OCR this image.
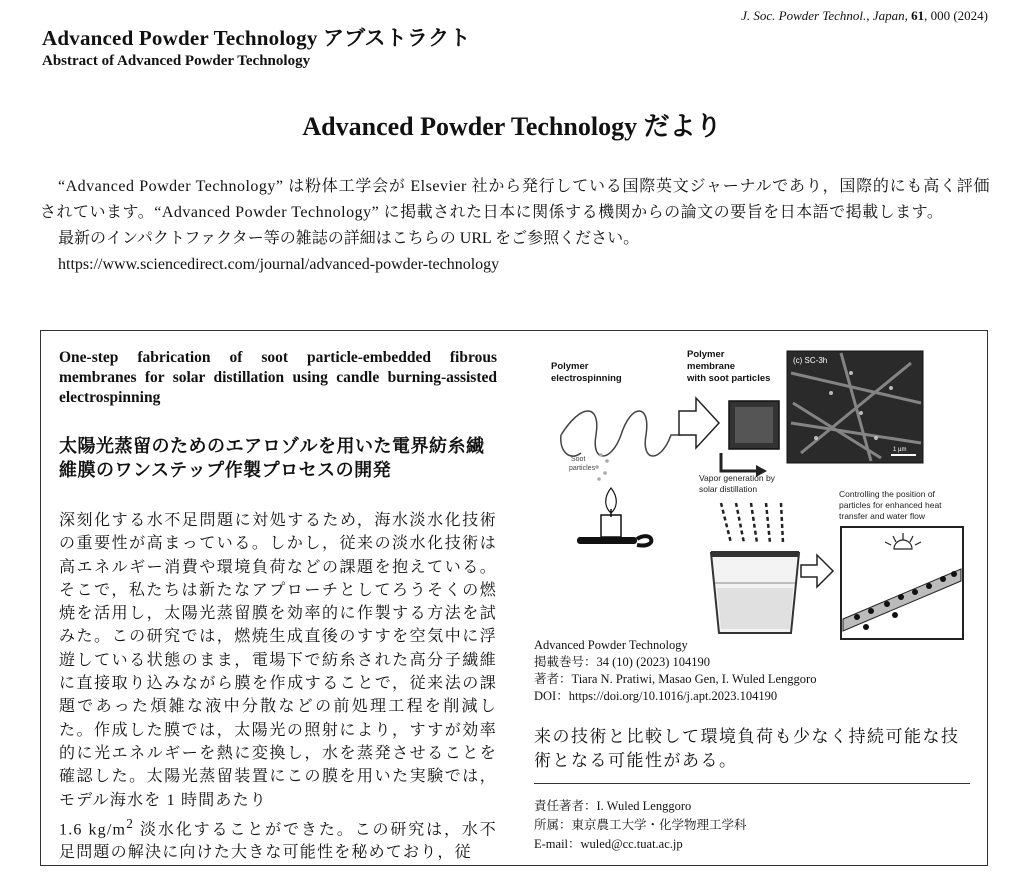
J. Soc. Powder Technol., Japan, 61, 000 (2024)
Advanced Powder Technology アブストラクト
Abstract of Advanced Powder Technology
Advanced Powder Technology だより

“Advanced Powder Technology” は粉体工学会が Elsevier 社から発行している国際英文ジャーナルであり，国際的にも高く評価されています。“Advanced Powder Technology” に掲載された日本に関係する機関からの論文の要旨を日本語で掲載します。

最新のインパクトファクター等の雑誌の詳細はこちらの URL をご参照ください。

https://www.sciencedirect.com/journal/advanced-powder-technology

One-step fabrication of soot particle-embedded fibrous membranes for solar distillation using candle burning-assisted electrospinning
太陽光蒸留のためのエアロゾルを用いた電界紡糸繊維膜のワンステップ作製プロセスの開発
深刻化する水不足問題に対処するため，海水淡水化技術の重要性が高まっている。しかし，従来の淡水化技術は高エネルギー消費や環境負荷などの課題を抱えている。そこで，私たちは新たなアプローチとしてろうそくの燃焼を活用し，太陽光蒸留膜を効率的に作製する方法を試みた。この研究では，燃焼生成直後のすすを空気中に浮遊している状態のまま，電場下で紡糸された高分子繊維に直接取り込みながら膜を作成することで，従来法の課題であった煩雑な液中分散などの前処理工程を削減した。作成した膜では，太陽光の照射により，すすが効率的に光エネルギーを熱に変換し，水を蒸発させることを確認した。太陽光蒸留装置にこの膜を用いた実験では，モデル海水を 1 時間あたり
1.6 $kg/m^2$ 淡水化することができた。この研究は，水不足問題の解決に向けた大きな可能性を秘めており，従
Polymer
electrospinning
Polymer
membrane
with soot particles
(c) SC-3h
1 µm
Soot
particles
Vapor generation by
solar distillation	Controlling the position of
particles for enhanced heat
transfer and water flow
Advanced Powder Technology
掲載巻号：34 (10) (2023) 104190
著者：Tiara N. Pratiwi, Masao Gen, I. Wuled Lenggoro
DOI：https://doi.org/10.1016/j.apt.2023.104190
来の技術と比較して環境負荷も少なく持続可能な技術となる可能性がある。
責任著者：I. Wuled Lenggoro
所属：東京農工大学・化学物理工学科
E-mail：wuled@cc.tuat.ac.jp
